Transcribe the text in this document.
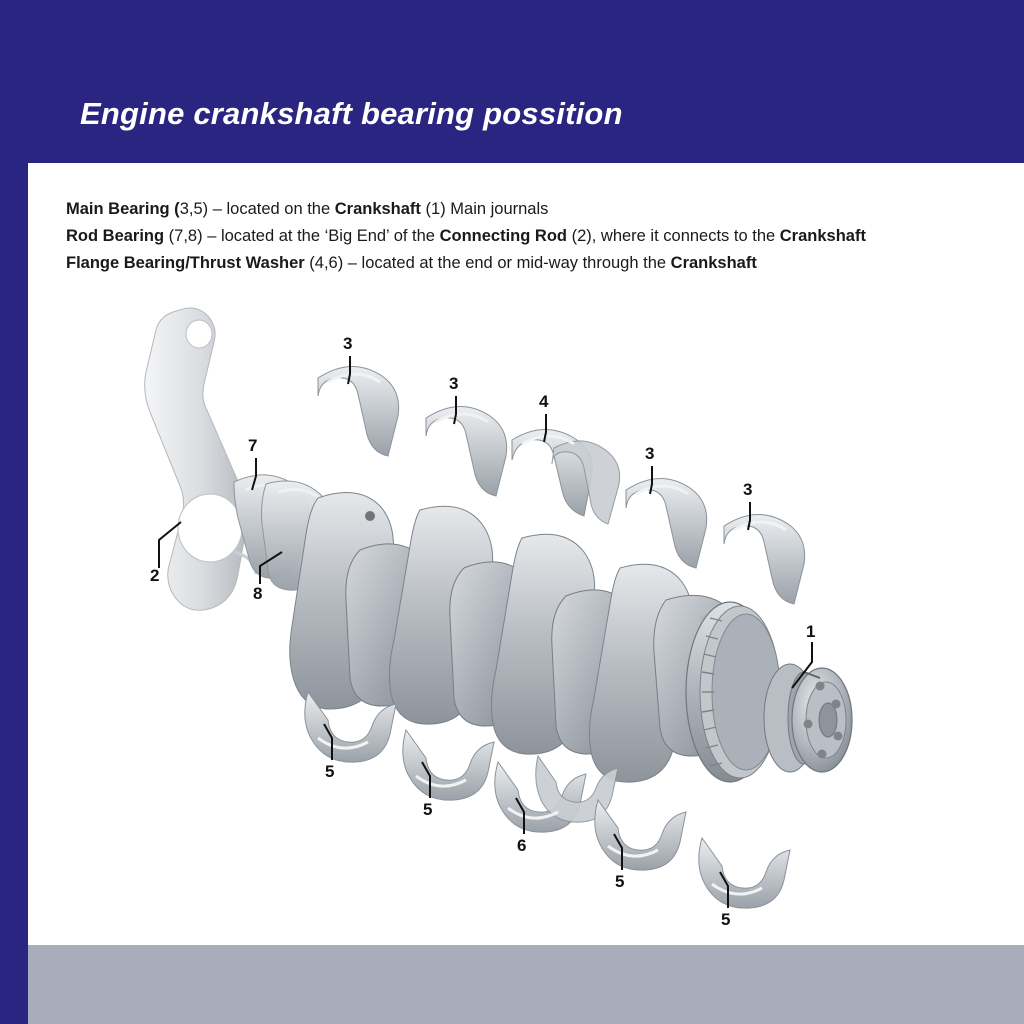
Engine crankshaft bearing possition
Main Bearing (3,5) – located on the Crankshaft (1) Main journals
Rod Bearing (7,8) – located at the ‘Big End’ of the Connecting Rod (2), where it connects to the Crankshaft
Flange Bearing/Thrust Washer (4,6) – located at the end or mid-way through the Crankshaft
2
7
8
3
3
4
3
3
1
5
5
6
5
5
